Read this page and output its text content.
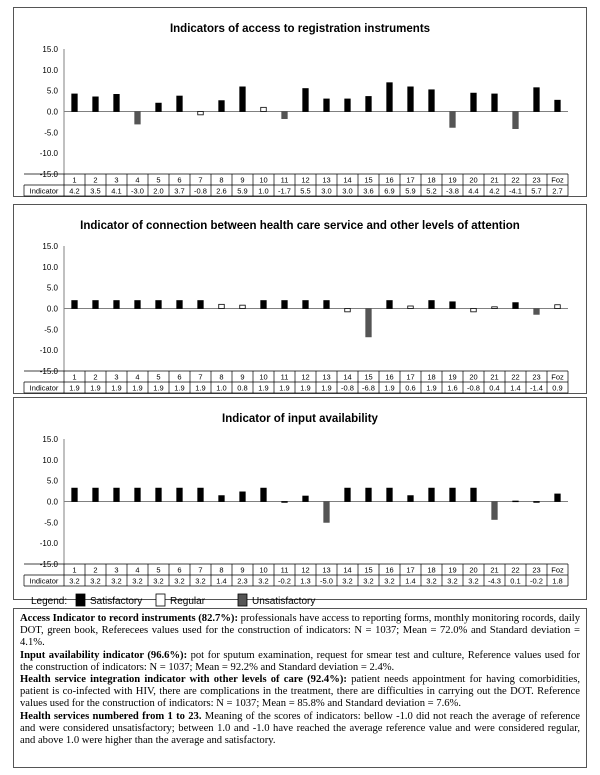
Indicators of access to registration instruments
15.0
10.0
5.0
0.0
-5.0
-10.0
-15.0
1
4.2
2
3.5
3
4.1
4
-3.0
5
2.0
6
3.7
7
-0.8
8
2.6
9
5.9
10
1.0
11
-1.7
12
5.5
13
3.0
14
3.0
15
3.6
16
6.9
17
5.9
18
5.2
19
-3.8
20
4.4
21
4.2
22
-4.1
23
5.7
Foz
2.7
Indicator
Indicator of connection between health care service and other levels of attention
15.0
10.0
5.0
0.0
-5.0
-10.0
-15.0
1
1.9
2
1.9
3
1.9
4
1.9
5
1.9
6
1.9
7
1.9
8
1.0
9
0.8
10
1.9
11
1.9
12
1.9
13
1.9
14
-0.8
15
-6.8
16
1.9
17
0.6
18
1.9
19
1.6
20
-0.8
21
0.4
22
1.4
23
-1.4
Foz
0.9
Indicator
Indicator of input availability
15.0
10.0
5.0
0.0
-5.0
-10.0
-15.0
1
3.2
2
3.2
3
3.2
4
3.2
5
3.2
6
3.2
7
3.2
8
1.4
9
2.3
10
3.2
11
-0.2
12
1.3
13
-5.0
14
3.2
15
3.2
16
3.2
17
1.4
18
3.2
19
3.2
20
3.2
21
-4.3
22
0.1
23
-0.2
Foz
1.8
Indicator
Legend: Satisfactory	Regular	Unsatisfactory

Access Indicator to record instruments (82.7%): professionals have access to reporting forms, monthly monitoring rocords, daily DOT, green book, Referecees values used for the construction of indicators: N = 1037; Mean = 72.0% and Standard deviation = 4.1%.

Input availability indicator (96.6%): pot for sputum examination, request for smear test and culture, Reference values used for the construction of indicators: N = 1037; Mean = 92.2% and Standard deviation = 2.4%.

Health service integration indicator with other levels of care (92.4%): patient needs appointment for having comorbidities, patient is co-infected with HIV, there are complications in the treatment, there are difficulties in carrying out the DOT. Reference values used for the construction of indicators: N = 1037; Mean = 85.8% and Standard deviation = 7.6%.

Health services numbered from 1 to 23. Meaning of the scores of indicators: bellow -1.0 did not reach the average of reference and were considered unsatisfactory; between 1.0 and -1.0 have reached the average reference value and were considered regular, and above 1.0 were higher than the average and satisfactory.
